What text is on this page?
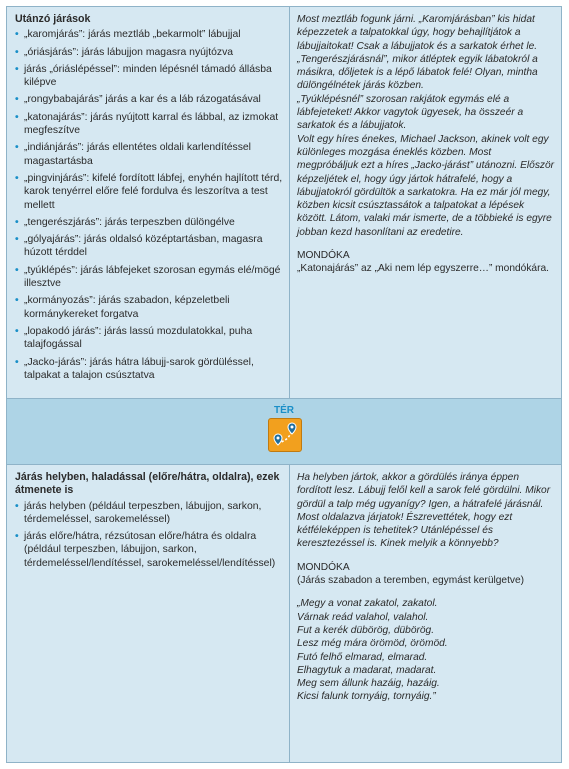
Utánzó járások
• „karomjárás”: járás meztláb „bekarmolt” lábujjal
• „óriásjárás”: járás lábujjon magasra nyújtózva
• járás „óriáslépéssel”: minden lépésnél támadó állásba kilépve
• „rongybabajárás” járás a kar és a láb rázogatásával
• „katonajárás”: járás nyújtott karral és lábbal, az izmokat megfeszítve
• „indiánjárás”: járás ellentétes oldali karlendítéssel magastartásba
• „pingvinjárás”: kifelé fordított lábfej, enyhén hajlított térd, karok tenyérrel előre felé fordulva és leszorítva a test mellett
• „tengerészjárás”: járás terpeszben dülöngélve
• „gólyajárás”: járás oldalsó középtartásban, magasra húzott térddel
• „tyúklépés”: járás lábfejeket szorosan egymás elé/mögé illesztve
• „kormányozás”: járás szabadon, képzeletbeli kormánykereket forgatva
• „lopakodó járás”: járás lassú mozdulatokkal, puha talajfogással
• „Jacko-járás”: járás hátra lábujj-sarok gördüléssel, talpakat a talajon csúsztatva

Most meztláb fogunk járni. „Karomjárásban” kis hidat képezzetek a talpatokkal úgy, hogy behajlítjátok a lábujjaitokat! Csak a lábujjatok és a sarkatok érhet le.

„Tengerészjárásnál”, mikor átléptek egyik lábatokról a másikra, dőljetek is a lépő lábatok felé! Olyan, mintha dülöngélnétek járás közben.

„Tyúklépésnél” szorosan rakjátok egymás elé a lábfejeteket! Akkor vagytok ügyesek, ha összeér a sarkatok és a lábujjatok.

Volt egy híres énekes, Michael Jackson, akinek volt egy különleges mozgása éneklés közben. Most megpróbáljuk ezt a híres „Jacko-járást” utánozni. Először képzeljétek el, hogy úgy jártok hátrafelé, hogy a lábujjatokról gördültök a sarkatokra. Ha ez már jól megy, közben kicsit csúsztassátok a talpatokat a lépések között. Látom, valaki már ismerte, de a többieké is egyre jobban kezd hasonlítani az eredetire.

MONDÓKA

„Katonajárás” az „Aki nem lép egyszerre…” mondókára.

TÉR
Járás helyben, haladással (előre/hátra, oldalra), ezek átmenete is
• járás helyben (például terpeszben, lábujjon, sarkon, térdemeléssel, sarokemeléssel)
• járás előre/hátra, rézsútosan előre/hátra és oldalra (például terpeszben, lábujjon, sarkon, térdemeléssel/lendítéssel, sarokemeléssel/lendítéssel)

Ha helyben jártok, akkor a gördülés iránya éppen fordított lesz. Lábujj felől kell a sarok felé gördülni. Mikor gördül a talp még ugyanígy? Igen, a hátrafelé járásnál.

Most oldalazva járjatok! Észrevettétek, hogy ezt kétféleképpen is tehetitek? Utánlépéssel és keresztezéssel is. Kinek melyik a könnyebb?

MONDÓKA

(Járás szabadon a teremben, egymást kerülgetve)

„Megy a vonat zakatol, zakatol.

Várnak reád valahol, valahol.

Fut a kerék dübörög, dübörög.

Lesz még mára örömöd, örömöd.

Futó felhő elmarad, elmarad.

Elhagytuk a madarat, madarat.

Meg sem állunk hazáig, hazáig.

Kicsi falunk tornyáig, tornyáig.”
